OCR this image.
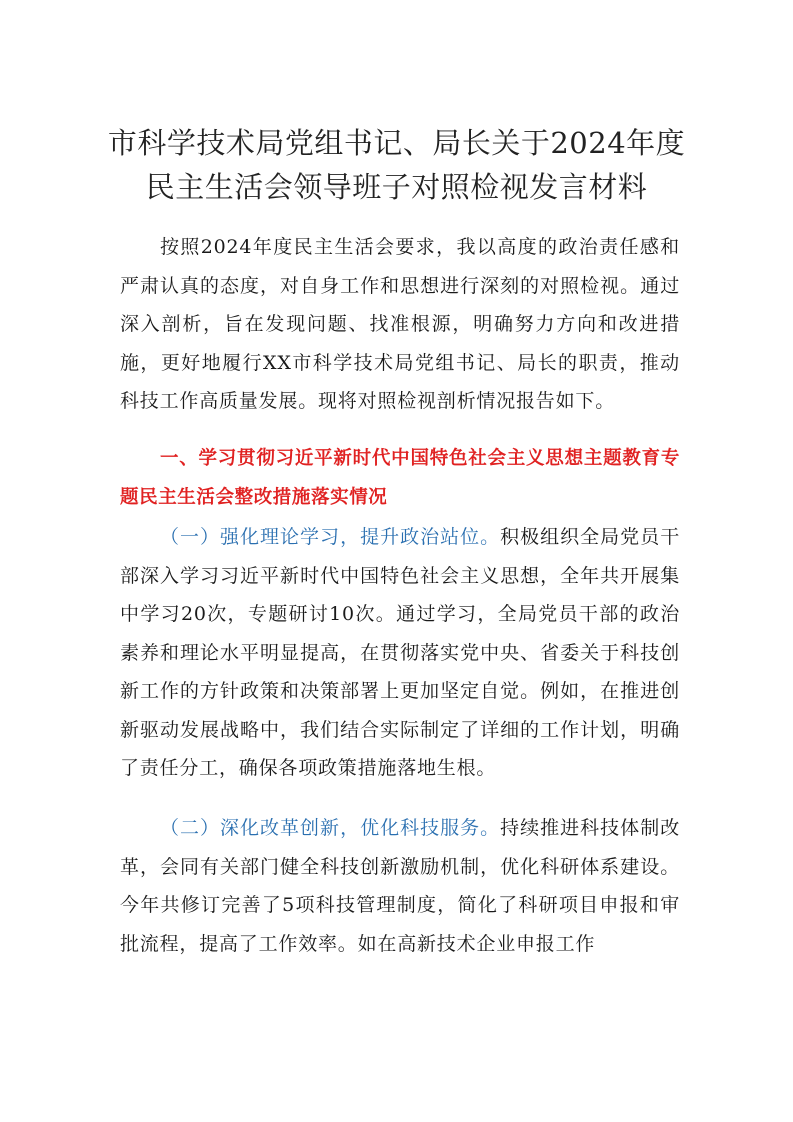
市科学技术局党组书记、局长关于2024年度
民主生活会领导班子对照检视发言材料

按照2024年度民主生活会要求，我以高度的政治责任感和严肃认真的态度，对自身工作和思想进行深刻的对照检视。通过深入剖析，旨在发现问题、找准根源，明确努力方向和改进措施，更好地履行XX市科学技术局党组书记、局长的职责，推动科技工作高质量发展。现将对照检视剖析情况报告如下。

一、学习贯彻习近平新时代中国特色社会主义思想主题教育专题民主生活会整改措施落实情况

（一）强化理论学习，提升政治站位。积极组织全局党员干部深入学习习近平新时代中国特色社会主义思想，全年共开展集中学习20次，专题研讨10次。通过学习，全局党员干部的政治素养和理论水平明显提高，在贯彻落实党中央、省委关于科技创新工作的方针政策和决策部署上更加坚定自觉。例如，在推进创新驱动发展战略中，我们结合实际制定了详细的工作计划，明确了责任分工，确保各项政策措施落地生根。

（二）深化改革创新，优化科技服务。持续推进科技体制改革，会同有关部门健全科技创新激励机制，优化科研体系建设。今年共修订完善了5项科技管理制度，简化了科研项目申报和审批流程，提高了工作效率。如在高新技术企业申报工作
